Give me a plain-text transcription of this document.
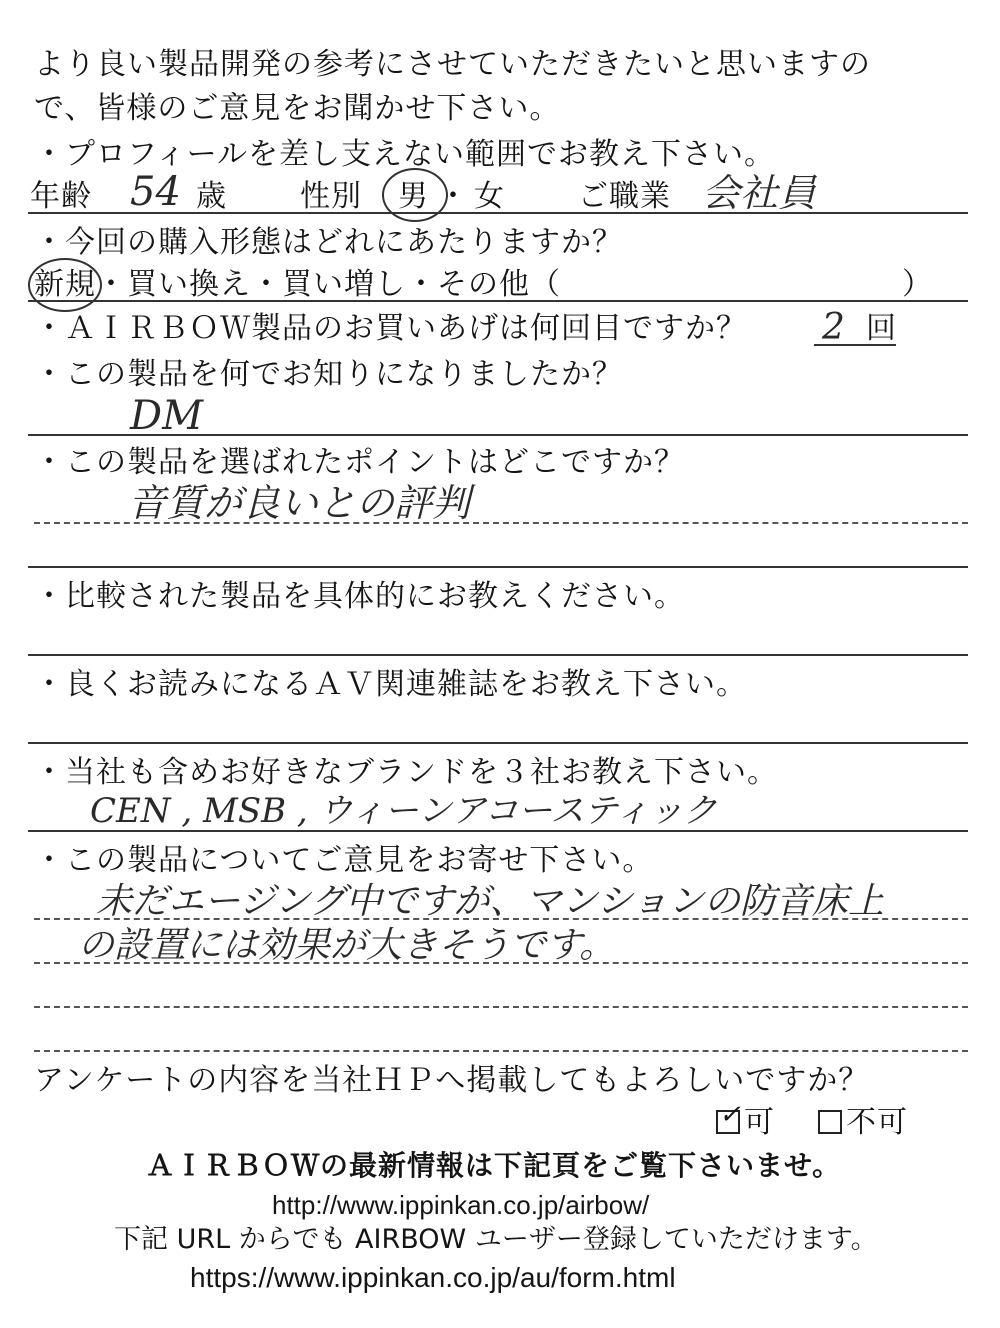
より良い製品開発の参考にさせていただきたいと思いますの
で、皆様のご意見をお聞かせ下さい。
・プロフィールを差し支えない範囲でお教え下さい。
年齢 54 歳 性別 男 ・ 女 ご職業 会社員
・今回の購入形態はどれにあたりますか？
新規・買い換え・買い増し・その他（　　　　　　　　　　　）
・ＡＩＲＢＯＷ製品のお買いあげは何回目ですか？ 2 回
・この製品を何でお知りになりましたか？
DM
・この製品を選ばれたポイントはどこですか？
音質が良いとの評判
・比較された製品を具体的にお教えください。
・良くお読みになるＡＶ関連雑誌をお教え下さい。
・当社も含めお好きなブランドを３社お教え下さい。
CEN , MSB , ウィーンアコースティック
・この製品についてご意見をお寄せ下さい。
未だエージング中ですが、マンションの防音床上
の設置には効果が大きそうです。
アンケートの内容を当社ＨＰへ掲載してもよろしいですか？
✓ 可	不可
ＡＩＲＢＯＷの最新情報は下記頁をご覧下さいませ。
http://www.ippinkan.co.jp/airbow/
下記 URL からでも AIRBOW ユーザー登録していただけます。
https://www.ippinkan.co.jp/au/form.html
